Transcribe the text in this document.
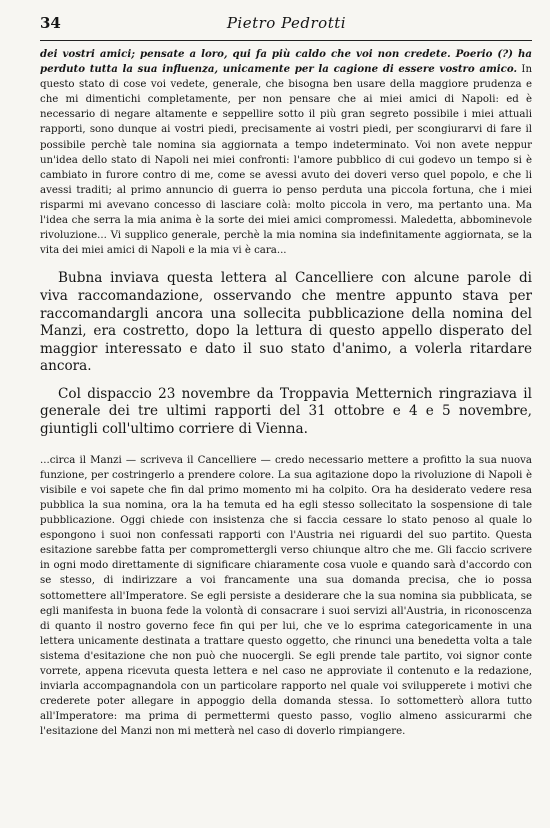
34	Pietro Pedrotti

dei vostri amici; pensate a loro, qui fa più caldo che voi non credete. Poerio (?) ha perduto tutta la sua influenza, unicamente per la cagione di essere vostro amico. In questo stato di cose voi vedete, generale, che bisogna ben usare della maggiore prudenza e che mi dimentichi completamente, per non pensare che ai miei amici di Napoli: ed è necessario di negare altamente e seppellire sotto il più gran segreto possibile i miei attuali rapporti, sono dunque ai vostri piedi, precisamente ai vostri piedi, per scongiurarvi di fare il possibile perchè tale nomina sia aggiornata a tempo indeterminato. Voi non avete neppur un'idea dello stato di Napoli nei miei confronti: l'amore pubblico di cui godevo un tempo si è cambiato in furore contro di me, come se avessi avuto dei doveri verso quel popolo, e che li avessi traditi; al primo annuncio di guerra io penso perduta una piccola fortuna, che i miei risparmi mi avevano concesso di lasciare colà: molto piccola in vero, ma pertanto una. Ma l'idea che serra la mia anima è la sorte dei miei amici compromessi. Maledetta, abbominevole rivoluzione... Vi supplico generale, perchè la mia nomina sia indefinitamente aggiornata, se la vita dei miei amici di Napoli e la mia vi è cara...

Bubna inviava questa lettera al Cancelliere con alcune parole di viva raccomandazione, osservando che mentre appunto stava per raccomandargli ancora una sollecita pubblicazione della nomina del Manzi, era costretto, dopo la lettura di questo appello disperato del maggior interessato e dato il suo stato d'animo, a volerla ritardare ancora.

Col dispaccio 23 novembre da Troppavia Metternich ringraziava il generale dei tre ultimi rapporti del 31 ottobre e 4 e 5 novembre, giuntigli coll'ultimo corriere di Vienna.

...circa il Manzi — scriveva il Cancelliere — credo necessario mettere a profitto la sua nuova funzione, per costringerlo a prendere colore. La sua agitazione dopo la rivoluzione di Napoli è visibile e voi sapete che fin dal primo momento mi ha colpito. Ora ha desiderato vedere resa pubblica la sua nomina, ora la ha temuta ed ha egli stesso sollecitato la sospensione di tale pubblicazione. Oggi chiede con insistenza che si faccia cessare lo stato penoso al quale lo espongono i suoi non confessati rapporti con l'Austria nei riguardi del suo partito. Questa esitazione sarebbe fatta per compromettergli verso chiunque altro che me. Gli faccio scrivere in ogni modo direttamente di significare chiaramente cosa vuole e quando sarà d'accordo con se stesso, di indirizzare a voi francamente una sua domanda precisa, che io possa sottomettere all'Imperatore. Se egli persiste a desiderare che la sua nomina sia pubblicata, se egli manifesta in buona fede la volontà di consacrare i suoi servizi all'Austria, in riconoscenza di quanto il nostro governo fece fin qui per lui, che ve lo esprima categoricamente in una lettera unicamente destinata a trattare questo oggetto, che rinunci una benedetta volta a tale sistema d'esitazione che non può che nuocergli. Se egli prende tale partito, voi signor conte vorrete, appena ricevuta questa lettera e nel caso ne approviate il contenuto e la redazione, inviarla accompagnandola con un particolare rapporto nel quale voi svilupperete i motivi che crederete poter allegare in appoggio della domanda stessa. Io sottometterò allora tutto all'Imperatore: ma prima di permettermi questo passo, voglio almeno assicurarmi che l'esitazione del Manzi non mi metterà nel caso di doverlo rimpiangere.
